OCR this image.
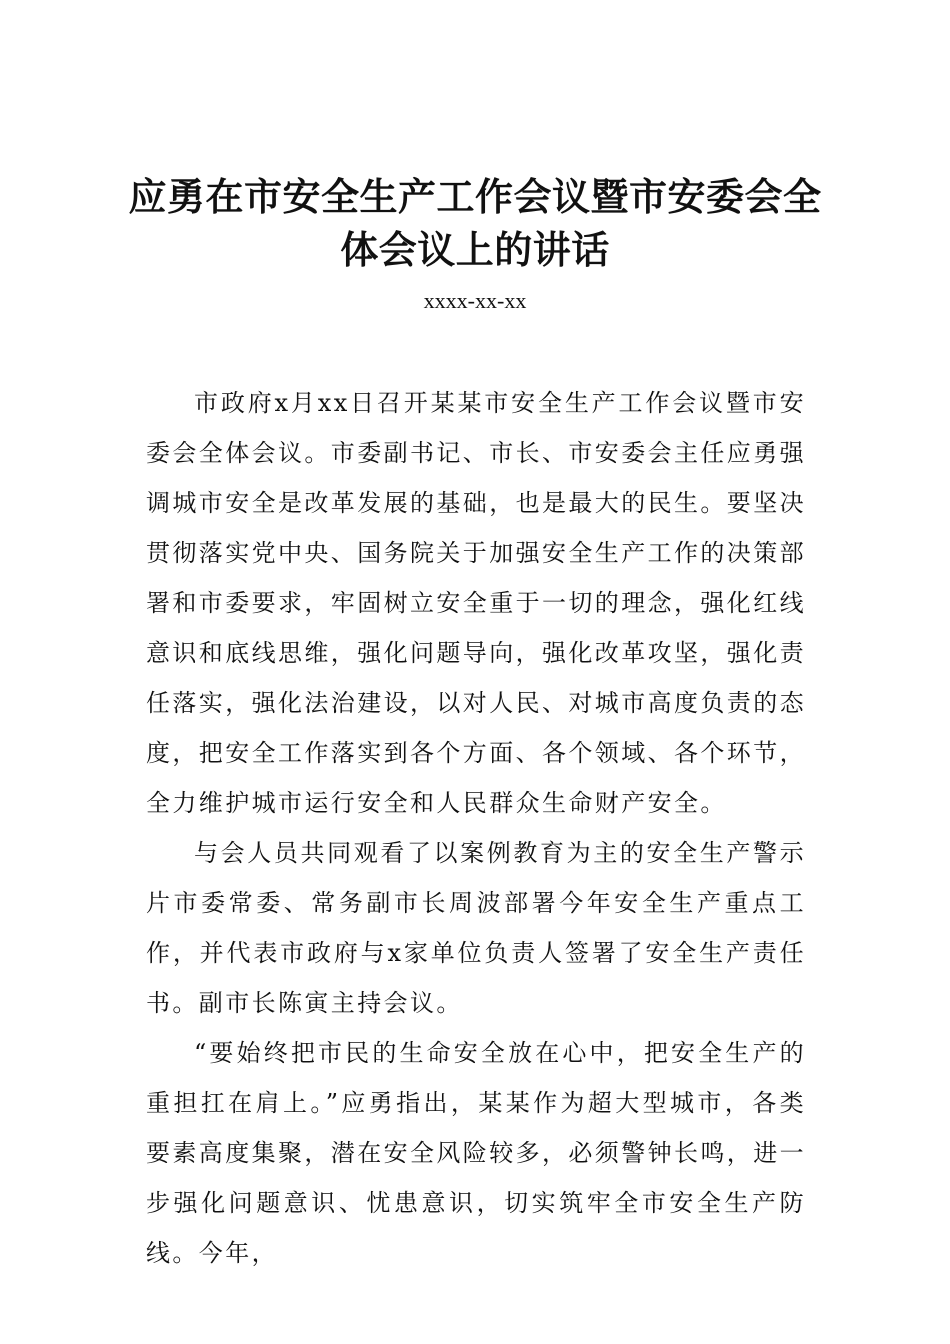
应勇在市安全生产工作会议暨市安委会全
体会议上的讲话

xxxx-xx-xx

市政府x月xx日召开某某市安全生产工作会议暨市安委会全体会议。市委副书记、市长、市安委会主任应勇强调城市安全是改革发展的基础，也是最大的民生。要坚决贯彻落实党中央、国务院关于加强安全生产工作的决策部署和市委要求，牢固树立安全重于一切的理念，强化红线意识和底线思维，强化问题导向，强化改革攻坚，强化责任落实，强化法治建设，以对人民、对城市高度负责的态度，把安全工作落实到各个方面、各个领域、各个环节，全力维护城市运行安全和人民群众生命财产安全。

与会人员共同观看了以案例教育为主的安全生产警示片市委常委、常务副市长周波部署今年安全生产重点工作，并代表市政府与x家单位负责人签署了安全生产责任书。副市长陈寅主持会议。

“要始终把市民的生命安全放在心中，把安全生产的重担扛在肩上。”应勇指出，某某作为超大型城市，各类要素高度集聚，潜在安全风险较多，必须警钟长鸣，进一步强化问题意识、忧患意识，切实筑牢全市安全生产防线。今年，
